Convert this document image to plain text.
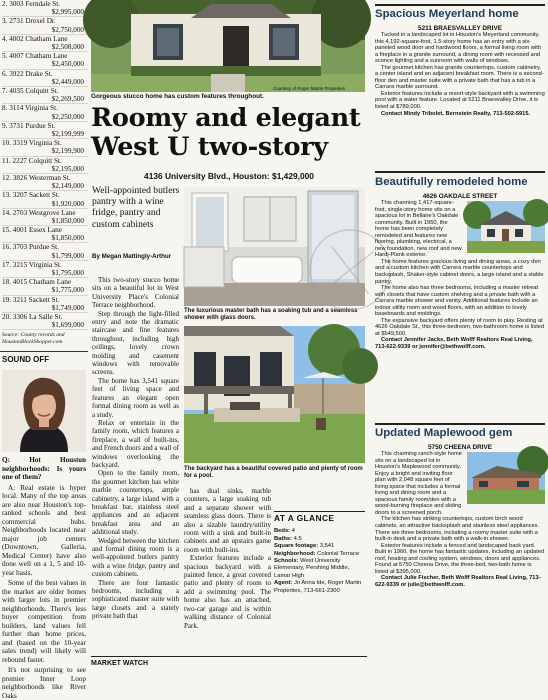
2. 3003 Ferndale St.
$2,995,000
3. 2731 Drexel Dr.
$2,750,000
4. 4002 Chatham Lane
$2,508,000
5. 4007 Chatham Lane
$2,450,000
6. 3922 Drake St.
$2,449,000
7. 4035 Colquitt St.
$2,269,500
8. 3114 Virginia St.
$2,250,000
9. 3731 Purdue St.
$2,199,999
10. 3319 Virginia St.
$2,199,900
11. 2227 Colquitt St.
$2,195,000
12. 3826 Westerman St.
$2,149,000
13. 3207 Sackett St.
$1,920,000
14. 2703 Westgrove Lane
$1,850,000
15. 4001 Essex Lane
$1,850,000
16. 3703 Purdue St.
$1,799,000
17. 3215 Virginia St.
$1,795,000
18. 4015 Chatham Lane
$1,775,000
19. 3211 Sackett St.
$1,749,000
20. 3306 La Salle St.
$1,699,000
Source: County records and HoustonBlockShopper.com
SOUND OFF

Q: Hot Houston neighborhoods: Is yours one of them?

A: Real estate is hyper local. Many of the top areas are also near Houston's top-ranked schools and best commercial hubs. Neighborhoods located near major job centers (Downtown, Galleria, Medical Center) have also done well on a 1, 5 and 10-year basis.

Some of the best values in the market are older homes with larger lots in premier neighborhoods. There's less buyer competition from builders, land values fell further than home prices, and (based on the 10-year sales trend) will likely will rebound faster.

It's not surprising to see premier Inner Loop neighborhoods like River Oaks

Courtesy of Roger Martin Properties
Gorgeous stucco home has custom features throughout.
Roomy and elegant West U two-story
4136 University Blvd., Houston: $1,429,000
Well-appointed butlers pantry with a wine fridge, pantry and custom cabinets
By Megan Mattingly-Arthur

This two-story stucco home sits on a beautiful lot in West University Place's Colonial Terrace neighborhood.

Step through the light-filled entry and note the dramatic staircase and fine features throughout, including high ceilings, lovely crown molding and casement windows with removable screens.

The home has 3,541 square feet of living space and features an elegant open formal dining room as well as a study.

Relax or entertain in the family room, which features a fireplace, a wall of built-ins, and French doors and a wall of windows overlooking the backyard.

Open to the family room, the gourmet kitchen has white marble countertops, ample cabinetry, a large island with a breakfast bar, stainless steel appliances and an adjacent breakfast area and an additional study.

Wedged between the kitchen and formal dining room is a well-appointed butlers pantry with a wine fridge, pantry and custom cabinets.

There are four fantastic bedrooms, including a sophisticated master suite with large closets and a stately private bath that

The luxurious master bath has a soaking tub and a seamless shower with glass doors.
The backyard has a beautiful covered patio and plenty of room for a pool.

has dual sinks, marble counters, a large soaking tub and a separate shower with seamless glass doors. There is also a sizable laundry/utility room with a sink and built-in cabinets and an upstairs game room with built-ins.

Exterior features include a spacious backyard with a painted fence, a great covered patio and plenty of room to add a swimming pool. The home also has an attached, two-car garage and is within walking distance of Colonial Park.

AT A GLANCE
Beds: 4
Baths: 4.5
Square footage: 3,541
Neighborhood: Colonial Terrace
Schools: West University Elementary, Pershing Middle, Lamar High
Agent: Jo Anna Ide, Roger Martin Properties, 713-661-2300
MARKET WATCH
Spacious Meyerland home
5211 BRAESVALLEY DRIVE

Tucked in a landscaped lot in Houston's Meyerland community, this 4,192-square-foot, 1.5-story home has an entry with a six-paneled wood door and hardwood floors, a formal living room with a fireplace in a granite surround, a dining room with recessed and sconce lighting and a sunroom with walls of windows.

The gourmet kitchen has granite countertops, custom cabinetry, a center island and an adjacent breakfast room. There is a second-floor den and master suite with a private bath that has a tub in a Carrara marble surround.

Exterior features include a resort-style backyard with a swimming pool with a water feature. Located at 5211 Braesvalley Drive, it is listed at $789,000.

Contact Mindy Tribolet, Bernstein Realty, 713-502-5915.

Beautifully remodeled home
4626 OAKDALE STREET

This charming 1,417-square-foot, single-story home sits on a spacious lot in Bellaire's Oakdale community. Built in 1950, the home has been completely remodeled and features new flooring, plumbing, electrical, a new foundation, new roof and new Hardi-Plank exterior.

The home features gracious living and dining areas, a cozy den and a custom kitchen with Carrera marble countertops and backsplash, Shaker-style cabinet doors, a large island and a stable pantry.

The home also has three bedrooms, including a master retreat with closets that have custom shelving and a private bath with a Carrara marble shower and vanity. Additional features include an indoor utility room and wood floors, with an addition to lovely baseboards and moldings.

The expansive backyard offers plenty of room to play. Resting at 4626 Oakdale St., this three-bedroom, two-bathroom home is listed at $549,500.

Contact Jennifer Jacks, Beth Wolff Realtors Real Living, 713-622-9339 or jennifer@bethwolff.com.

Updated Maplewood gem
5750 CHEENA DRIVE

This charming ranch-style home sits on a landscaped lot in Houston's Maplewood community. Enjoy a bright and inviting floor plan with 2,048 square feet of living space that includes a formal living and dining room and a spacious family room/den with a wood-burning fireplace and sliding doors to a screened porch.

The kitchen has striking countertops, custom birch wood cabinets, an attractive backsplash and stainless steel appliances. There are three bedrooms, including a roomy master suite with a built-in desk and a private bath with a walk-in shower.

Exterior features include a fenced and landscaped back yard. Built in 1960, the home has fantastic updates, including an updated roof, heating and cooling system, windows, doors and appliances. Found at 5750 Cheena Drive, the three-bed, two-bath home is listed at $395,000.

Contact Julie Fischer, Beth Wolff Realtors Real Living, 713-622-9339 or julie@bethwolff.com.
